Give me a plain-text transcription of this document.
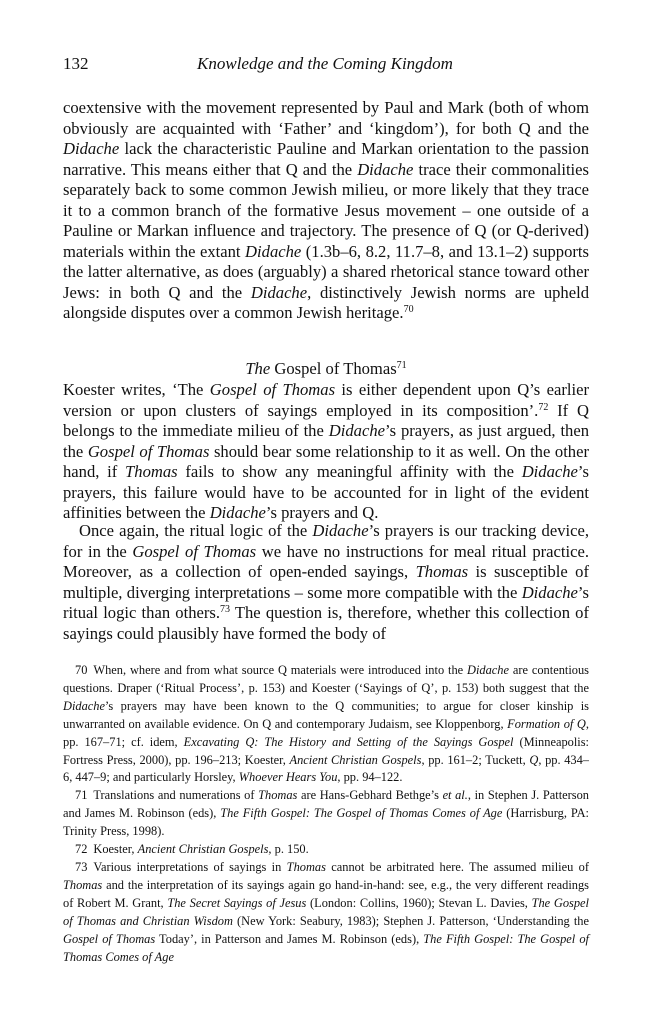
132	Knowledge and the Coming Kingdom
coextensive with the movement represented by Paul and Mark (both of whom obviously are acquainted with ‘Father’ and ‘kingdom’), for both Q and the Didache lack the characteristic Pauline and Markan orientation to the passion narrative. This means either that Q and the Didache trace their commonalities separately back to some common Jewish milieu, or more likely that they trace it to a common branch of the formative Jesus movement – one outside of a Pauline or Markan influence and trajectory. The presence of Q (or Q-derived) materials within the extant Didache (1.3b–6, 8.2, 11.7–8, and 13.1–2) supports the latter alternative, as does (arguably) a shared rhetorical stance toward other Jews: in both Q and the Didache, distinctively Jewish norms are upheld alongside disputes over a common Jewish heritage.$^{70}$
The Gospel of Thomas$^{71}$
Koester writes, ‘The Gospel of Thomas is either dependent upon Q’s earlier version or upon clusters of sayings employed in its composition’.$^{72}$ If Q belongs to the immediate milieu of the Didache’s prayers, as just argued, then the Gospel of Thomas should bear some relationship to it as well. On the other hand, if Thomas fails to show any meaningful affinity with the Didache’s prayers, this failure would have to be accounted for in light of the evident affinities between the Didache’s prayers and Q.
Once again, the ritual logic of the Didache’s prayers is our tracking device, for in the Gospel of Thomas we have no instructions for meal ritual practice. Moreover, as a collection of open-ended sayings, Thomas is susceptible of multiple, diverging interpretations – some more compatible with the Didache’s ritual logic than others.$^{73}$ The question is, therefore, whether this collection of sayings could plausibly have formed the body of

70 When, where and from what source Q materials were introduced into the Didache are contentious questions. Draper (‘Ritual Process’, p. 153) and Koester (‘Sayings of Q’, p. 153) both suggest that the Didache’s prayers may have been known to the Q communities; to argue for closer kinship is unwarranted on available evidence. On Q and contemporary Judaism, see Kloppenborg, Formation of Q, pp. 167–71; cf. idem, Excavating Q: The History and Setting of the Sayings Gospel (Minneapolis: Fortress Press, 2000), pp. 196–213; Koester, Ancient Christian Gospels, pp. 161–2; Tuckett, Q, pp. 434–6, 447–9; and particularly Horsley, Whoever Hears You, pp. 94–122.

71 Translations and numerations of Thomas are Hans-Gebhard Bethge’s et al., in Stephen J. Patterson and James M. Robinson (eds), The Fifth Gospel: The Gospel of Thomas Comes of Age (Harrisburg, PA: Trinity Press, 1998).

72 Koester, Ancient Christian Gospels, p. 150.

73 Various interpretations of sayings in Thomas cannot be arbitrated here. The assumed milieu of Thomas and the interpretation of its sayings again go hand-in-hand: see, e.g., the very different readings of Robert M. Grant, The Secret Sayings of Jesus (London: Collins, 1960); Stevan L. Davies, The Gospel of Thomas and Christian Wisdom (New York: Seabury, 1983); Stephen J. Patterson, ‘Understanding the Gospel of Thomas Today’, in Patterson and James M. Robinson (eds), The Fifth Gospel: The Gospel of Thomas Comes of Age
